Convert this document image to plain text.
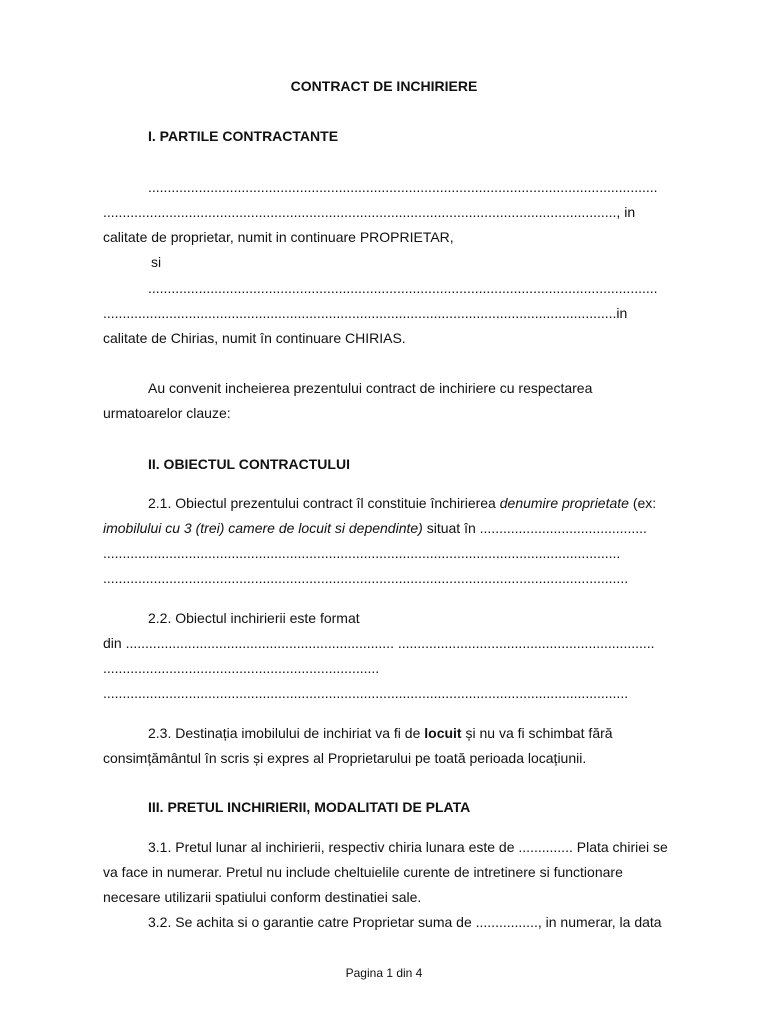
CONTRACT DE INCHIRIERE
I. PARTILE CONTRACTANTE
...................................................................................................................................
...................................................................................................................................., in
calitate de proprietar, numit in continuare PROPRIETAR,
si
...................................................................................................................................
....................................................................................................................................in
calitate de Chirias, numit în continuare CHIRIAS.
Au convenit incheierea prezentului contract de inchiriere cu respectarea
urmatoarelor clauze:
II. OBIECTUL CONTRACTULUI
2.1. Obiectul prezentului contract îl constituie închirierea denumire proprietate (ex:
imobilului cu 3 (trei) camere de locuit si dependinte) situat în ...........................................
.....................................................................................................................................
.......................................................................................................................................
2.2. Obiectul inchirierii este format
din ..................................................................... ..................................................................
.......................................................................
.......................................................................................................................................
2.3. Destinația imobilului de inchiriat va fi de locuit și nu va fi schimbat fără
consimțământul în scris și expres al Proprietarului pe toată perioada locațiunii.
III. PRETUL INCHIRIERII, MODALITATI DE PLATA
3.1. Pretul lunar al inchirierii, respectiv chiria lunara este de .............. Plata chiriei se
va face in numerar. Pretul nu include cheltuielile curente de intretinere si functionare
necesare utilizarii spatiului conform destinatiei sale.
3.2. Se achita si o garantie catre Proprietar suma de ................, in numerar, la data
Pagina 1 din 4
